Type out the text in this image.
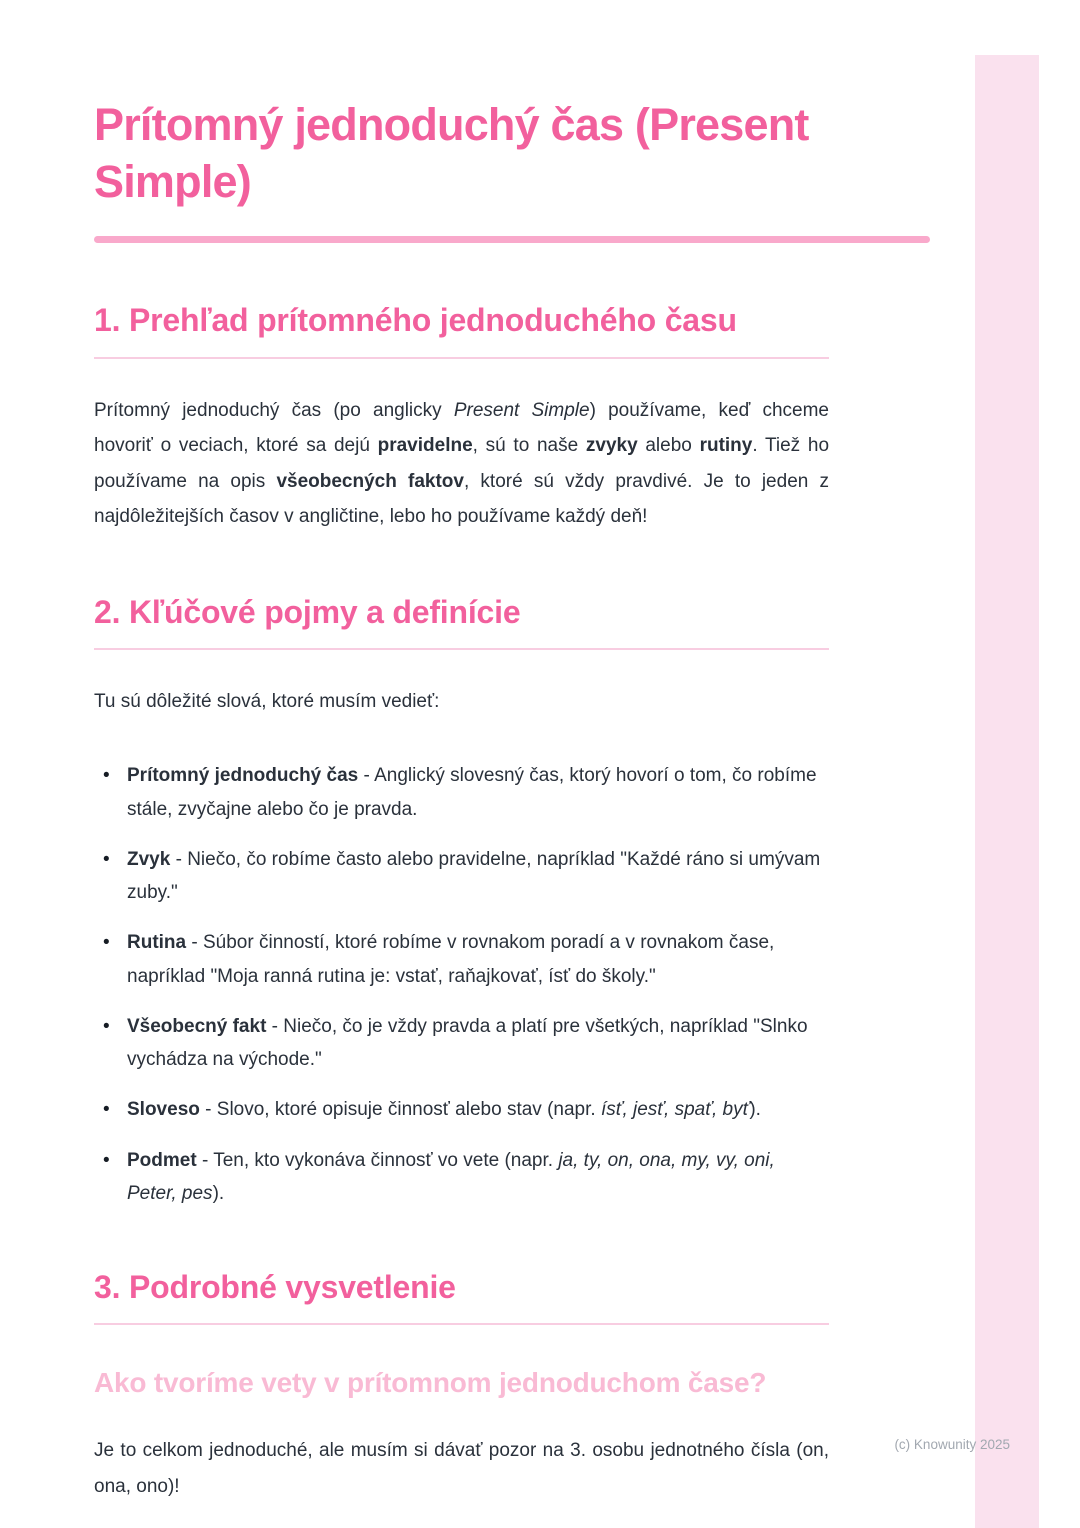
Prítomný jednoduchý čas (Present Simple)
1. Prehľad prítomného jednoduchého času

Prítomný jednoduchý čas (po anglicky Present Simple) používame, keď chceme hovoriť o veciach, ktoré sa dejú pravidelne, sú to naše zvyky alebo rutiny. Tiež ho používame na opis všeobecných faktov, ktoré sú vždy pravdivé. Je to jeden z najdôležitejších časov v angličtine, lebo ho používame každý deň!

2. Kľúčové pojmy a definície

Tu sú dôležité slová, ktoré musím vedieť:

• Prítomný jednoduchý čas - Anglický slovesný čas, ktorý hovorí o tom, čo robíme stále, zvyčajne alebo čo je pravda.
• Zvyk - Niečo, čo robíme často alebo pravidelne, napríklad "Každé ráno si umývam zuby."
• Rutina - Súbor činností, ktoré robíme v rovnakom poradí a v rovnakom čase, napríklad "Moja ranná rutina je: vstať, raňajkovať, ísť do školy."
• Všeobecný fakt - Niečo, čo je vždy pravda a platí pre všetkých, napríklad "Slnko vychádza na východe."
• Sloveso - Slovo, ktoré opisuje činnosť alebo stav (napr. ísť, jesť, spať, byť).
• Podmet - Ten, kto vykonáva činnosť vo vete (napr. ja, ty, on, ona, my, vy, oni, Peter, pes).
3. Podrobné vysvetlenie
Ako tvoríme vety v prítomnom jednoduchom čase?

Je to celkom jednoduché, ale musím si dávať pozor na 3. osobu jednotného čísla (on, ona, ono)!

(c) Knowunity 2025
